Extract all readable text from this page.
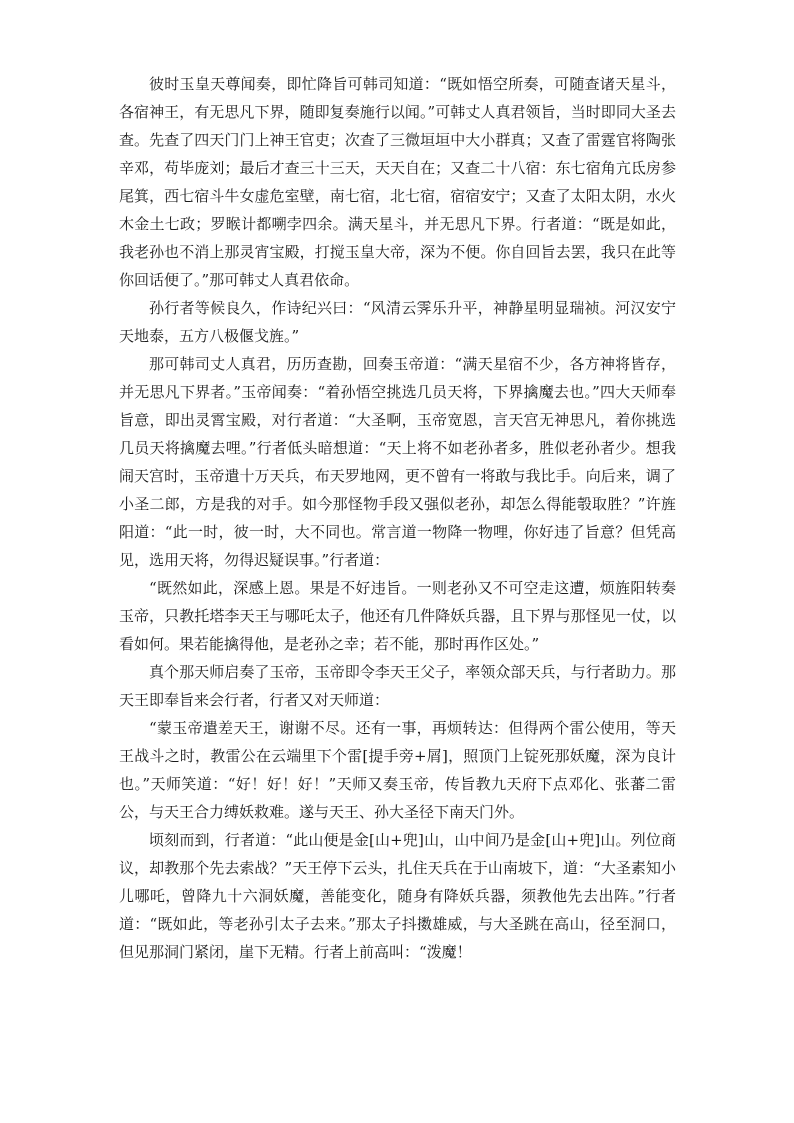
彼时玉皇天尊闻奏，即忙降旨可韩司知道：“既如悟空所奏，可随查诸天星斗，各宿神王，有无思凡下界，随即复奏施行以闻。”可韩丈人真君领旨，当时即同大圣去查。先查了四天门门上神王官吏；次查了三微垣垣中大小群真；又查了雷霆官将陶张辛邓，苟毕庞刘；最后才查三十三天，天天自在；又查二十八宿：东七宿角亢氐房参尾箕，西七宿斗牛女虚危室壁，南七宿，北七宿，宿宿安宁；又查了太阳太阴，水火木金土七政；罗睺计都嗍孛四余。满天星斗，并无思凡下界。行者道：“既是如此，我老孙也不消上那灵宵宝殿，打搅玉皇大帝，深为不便。你自回旨去罢，我只在此等你回话便了。”那可韩丈人真君依命。

孙行者等候良久，作诗纪兴曰：“风清云霁乐升平，神静星明显瑞祯。河汉安宁天地泰，五方八极偃戈旌。”

那可韩司丈人真君，历历查勘，回奏玉帝道：“满天星宿不少，各方神将皆存，并无思凡下界者。”玉帝闻奏：“着孙悟空挑选几员天将，下界擒魔去也。”四大天师奉旨意，即出灵霄宝殿，对行者道：“大圣啊，玉帝宽恩，言天宫无神思凡，着你挑选几员天将擒魔去哩。”行者低头暗想道：“天上将不如老孙者多，胜似老孙者少。想我闹天宫时，玉帝遣十万天兵，布天罗地网，更不曾有一将敢与我比手。向后来，调了小圣二郎，方是我的对手。如今那怪物手段又强似老孙，却怎么得能彀取胜？”许旌阳道：“此一时，彼一时，大不同也。常言道一物降一物哩，你好违了旨意？但凭高见，选用天将，勿得迟疑误事。”行者道：

“既然如此，深感上恩。果是不好违旨。一则老孙又不可空走这遭，烦旌阳转奏玉帝，只教托塔李天王与哪吒太子，他还有几件降妖兵器，且下界与那怪见一仗，以看如何。果若能擒得他，是老孙之幸；若不能，那时再作区处。”

真个那天师启奏了玉帝，玉帝即令李天王父子，率领众部天兵，与行者助力。那天王即奉旨来会行者，行者又对天师道：

“蒙玉帝遣差天王，谢谢不尽。还有一事，再烦转达：但得两个雷公使用，等天王战斗之时，教雷公在云端里下个雷[提手旁+屑]，照顶门上锭死那妖魔，深为良计也。”天师笑道：“好！好！好！”天师又奏玉帝，传旨教九天府下点邓化、张蕃二雷公，与天王合力缚妖救难。遂与天王、孙大圣径下南天门外。

顷刻而到，行者道：“此山便是金[山+兜]山，山中间乃是金[山+兜]山。列位商议，却教那个先去索战？”天王停下云头，扎住天兵在于山南坡下，道：“大圣素知小儿哪吒，曾降九十六洞妖魔，善能变化，随身有降妖兵器，须教他先去出阵。”行者道：“既如此，等老孙引太子去来。”那太子抖擞雄威，与大圣跳在高山，径至洞口，但见那洞门紧闭，崖下无精。行者上前高叫：“泼魔！
